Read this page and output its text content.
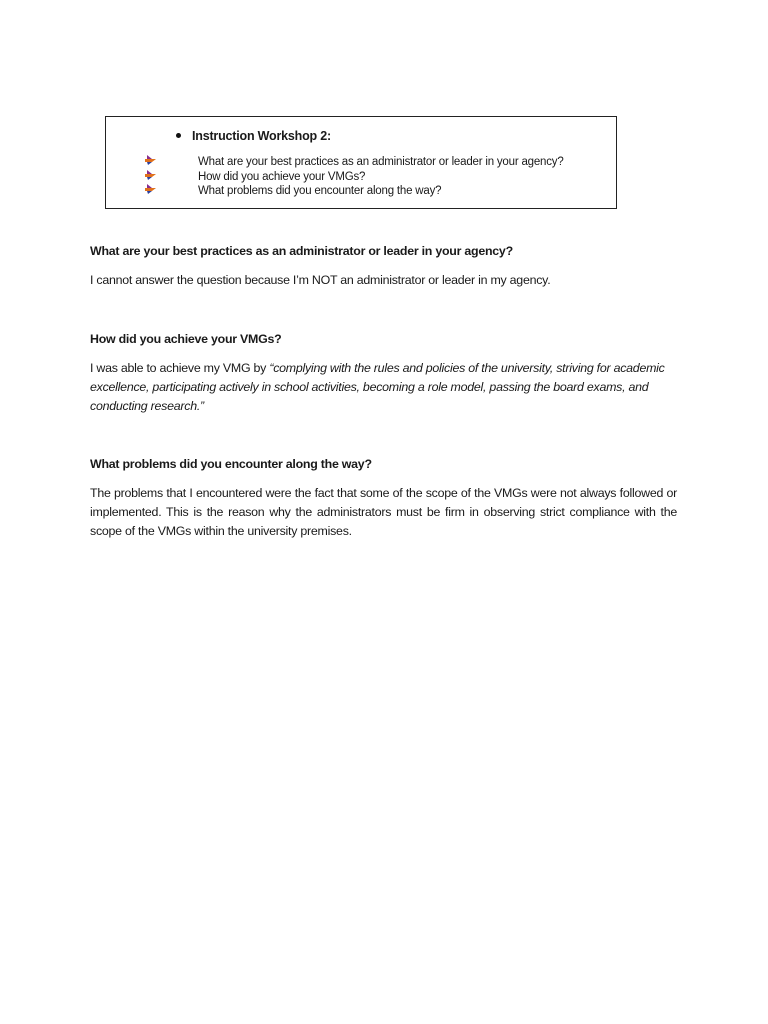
Instruction Workshop 2:
What are your best practices as an administrator or leader in your agency?
How did you achieve your VMGs?
What problems did you encounter along the way?
What are your best practices as an administrator or leader in your agency?
I cannot answer the question because I’m NOT an administrator or leader in my agency.
How did you achieve your VMGs?
I was able to achieve my VMG by “complying with the rules and policies of the university, striving for academic excellence, participating actively in school activities, becoming a role model, passing the board exams, and conducting research.”
What problems did you encounter along the way?
The problems that I encountered were the fact that some of the scope of the VMGs were not always followed or implemented. This is the reason why the administrators must be firm in observing strict compliance with the scope of the VMGs within the university premises.
